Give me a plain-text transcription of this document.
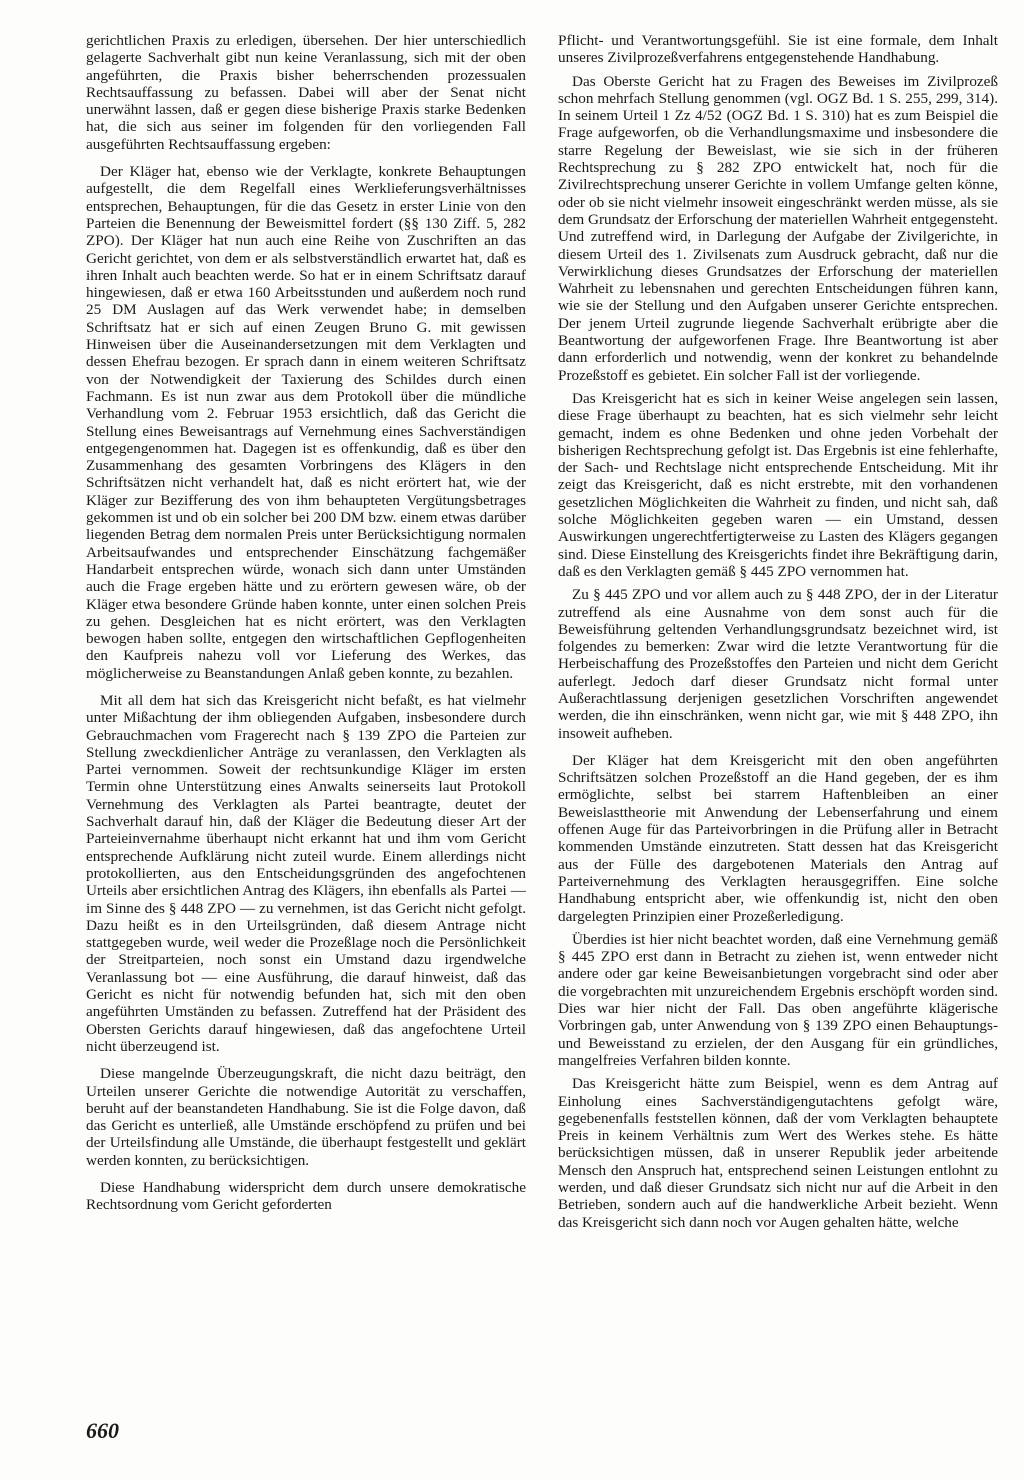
gerichtlichen Praxis zu erledigen, übersehen. Der hier unterschiedlich gelagerte Sachverhalt gibt nun keine Veranlassung, sich mit der oben angeführten, die Praxis bisher beherrschenden prozessualen Rechtsauffassung zu befassen. Dabei will aber der Senat nicht unerwähnt lassen, daß er gegen diese bisherige Praxis starke Bedenken hat, die sich aus seiner im folgenden für den vorliegenden Fall ausgeführten Rechtsauffassung ergeben:

Der Kläger hat, ebenso wie der Verklagte, konkrete Behauptungen aufgestellt, die dem Regelfall eines Werklieferungsverhältnisses entsprechen, Behauptungen, für die das Gesetz in erster Linie von den Parteien die Benennung der Beweismittel fordert (§§ 130 Ziff. 5, 282 ZPO). Der Kläger hat nun auch eine Reihe von Zuschriften an das Gericht gerichtet, von dem er als selbstverständlich erwartet hat, daß es ihren Inhalt auch beachten werde. So hat er in einem Schriftsatz darauf hingewiesen, daß er etwa 160 Arbeitsstunden und außerdem noch rund 25 DM Auslagen auf das Werk verwendet habe; in demselben Schriftsatz hat er sich auf einen Zeugen Bruno G. mit gewissen Hinweisen über die Auseinandersetzungen mit dem Verklagten und dessen Ehefrau bezogen. Er sprach dann in einem weiteren Schriftsatz von der Notwendigkeit der Taxierung des Schildes durch einen Fachmann. Es ist nun zwar aus dem Protokoll über die mündliche Verhandlung vom 2. Februar 1953 ersichtlich, daß das Gericht die Stellung eines Beweisantrags auf Vernehmung eines Sachverständigen entgegengenommen hat. Dagegen ist es offenkundig, daß es über den Zusammenhang des gesamten Vorbringens des Klägers in den Schriftsätzen nicht verhandelt hat, daß es nicht erörtert hat, wie der Kläger zur Bezifferung des von ihm behaupteten Vergütungsbetrages gekommen ist und ob ein solcher bei 200 DM bzw. einem etwas darüber liegenden Betrag dem normalen Preis unter Berücksichtigung normalen Arbeitsaufwandes und entsprechender Einschätzung fachgemäßer Handarbeit entsprechen würde, wonach sich dann unter Umständen auch die Frage ergeben hätte und zu erörtern gewesen wäre, ob der Kläger etwa besondere Gründe haben konnte, unter einen solchen Preis zu gehen. Desgleichen hat es nicht erörtert, was den Verklagten bewogen haben sollte, entgegen den wirtschaftlichen Gepflogenheiten den Kaufpreis nahezu voll vor Lieferung des Werkes, das möglicherweise zu Beanstandungen Anlaß geben konnte, zu bezahlen.

Mit all dem hat sich das Kreisgericht nicht befaßt, es hat vielmehr unter Mißachtung der ihm obliegenden Aufgaben, insbesondere durch Gebrauchmachen vom Fragerecht nach § 139 ZPO die Parteien zur Stellung zweckdienlicher Anträge zu veranlassen, den Verklagten als Partei vernommen. Soweit der rechtsunkundige Kläger im ersten Termin ohne Unterstützung eines Anwalts seinerseits laut Protokoll Vernehmung des Verklagten als Partei beantragte, deutet der Sachverhalt darauf hin, daß der Kläger die Bedeutung dieser Art der Parteieinvernahme überhaupt nicht erkannt hat und ihm vom Gericht entsprechende Aufklärung nicht zuteil wurde. Einem allerdings nicht protokollierten, aus den Entscheidungsgründen des angefochtenen Urteils aber ersichtlichen Antrag des Klägers, ihn ebenfalls als Partei — im Sinne des § 448 ZPO — zu vernehmen, ist das Gericht nicht gefolgt. Dazu heißt es in den Urteilsgründen, daß diesem Antrage nicht stattgegeben wurde, weil weder die Prozeßlage noch die Persönlichkeit der Streitparteien, noch sonst ein Umstand dazu irgendwelche Veranlassung bot — eine Ausführung, die darauf hinweist, daß das Gericht es nicht für notwendig befunden hat, sich mit den oben angeführten Umständen zu befassen. Zutreffend hat der Präsident des Obersten Gerichts darauf hingewiesen, daß das angefochtene Urteil nicht überzeugend ist.

Diese mangelnde Überzeugungskraft, die nicht dazu beiträgt, den Urteilen unserer Gerichte die notwendige Autorität zu verschaffen, beruht auf der beanstandeten Handhabung. Sie ist die Folge davon, daß das Gericht es unterließ, alle Umstände erschöpfend zu prüfen und bei der Urteilsfindung alle Umstände, die überhaupt festgestellt und geklärt werden konnten, zu berücksichtigen.

Diese Handhabung widerspricht dem durch unsere demokratische Rechtsordnung vom Gericht geforderten

Pflicht- und Verantwortungsgefühl. Sie ist eine formale, dem Inhalt unseres Zivilprozeßverfahrens entgegenstehende Handhabung.

Das Oberste Gericht hat zu Fragen des Beweises im Zivilprozeß schon mehrfach Stellung genommen (vgl. OGZ Bd. 1 S. 255, 299, 314). In seinem Urteil 1 Zz 4/52 (OGZ Bd. 1 S. 310) hat es zum Beispiel die Frage aufgeworfen, ob die Verhandlungsmaxime und insbesondere die starre Regelung der Beweislast, wie sie sich in der früheren Rechtsprechung zu § 282 ZPO entwickelt hat, noch für die Zivilrechtsprechung unserer Gerichte in vollem Umfange gelten könne, oder ob sie nicht vielmehr insoweit eingeschränkt werden müsse, als sie dem Grundsatz der Erforschung der materiellen Wahrheit entgegensteht. Und zutreffend wird, in Darlegung der Aufgabe der Zivilgerichte, in diesem Urteil des 1. Zivilsenats zum Ausdruck gebracht, daß nur die Verwirklichung dieses Grundsatzes der Erforschung der materiellen Wahrheit zu lebensnahen und gerechten Entscheidungen führen kann, wie sie der Stellung und den Aufgaben unserer Gerichte entsprechen. Der jenem Urteil zugrunde liegende Sachverhalt erübrigte aber die Beantwortung der aufgeworfenen Frage. Ihre Beantwortung ist aber dann erforderlich und notwendig, wenn der konkret zu behandelnde Prozeßstoff es gebietet. Ein solcher Fall ist der vorliegende.

Das Kreisgericht hat es sich in keiner Weise angelegen sein lassen, diese Frage überhaupt zu beachten, hat es sich vielmehr sehr leicht gemacht, indem es ohne Bedenken und ohne jeden Vorbehalt der bisherigen Rechtsprechung gefolgt ist. Das Ergebnis ist eine fehlerhafte, der Sach- und Rechtslage nicht entsprechende Entscheidung. Mit ihr zeigt das Kreisgericht, daß es nicht erstrebte, mit den vorhandenen gesetzlichen Möglichkeiten die Wahrheit zu finden, und nicht sah, daß solche Möglichkeiten gegeben waren — ein Umstand, dessen Auswirkungen ungerechtfertigterweise zu Lasten des Klägers gegangen sind. Diese Einstellung des Kreisgerichts findet ihre Bekräftigung darin, daß es den Verklagten gemäß § 445 ZPO vernommen hat.

Zu § 445 ZPO und vor allem auch zu § 448 ZPO, der in der Literatur zutreffend als eine Ausnahme von dem sonst auch für die Beweisführung geltenden Verhandlungsgrundsatz bezeichnet wird, ist folgendes zu bemerken: Zwar wird die letzte Verantwortung für die Herbeischaffung des Prozeßstoffes den Parteien und nicht dem Gericht auferlegt. Jedoch darf dieser Grundsatz nicht formal unter Außerachtlassung derjenigen gesetzlichen Vorschriften angewendet werden, die ihn einschränken, wenn nicht gar, wie mit § 448 ZPO, ihn insoweit aufheben.

Der Kläger hat dem Kreisgericht mit den oben angeführten Schriftsätzen solchen Prozeßstoff an die Hand gegeben, der es ihm ermöglichte, selbst bei starrem Haftenbleiben an einer Beweislasttheorie mit Anwendung der Lebenserfahrung und einem offenen Auge für das Parteivorbringen in die Prüfung aller in Betracht kommenden Umstände einzutreten. Statt dessen hat das Kreisgericht aus der Fülle des dargebotenen Materials den Antrag auf Parteivernehmung des Verklagten herausgegriffen. Eine solche Handhabung entspricht aber, wie offenkundig ist, nicht den oben dargelegten Prinzipien einer Prozeßerledigung.

Überdies ist hier nicht beachtet worden, daß eine Vernehmung gemäß § 445 ZPO erst dann in Betracht zu ziehen ist, wenn entweder nicht andere oder gar keine Beweisanbietungen vorgebracht sind oder aber die vorgebrachten mit unzureichendem Ergebnis erschöpft worden sind. Dies war hier nicht der Fall. Das oben angeführte klägerische Vorbringen gab, unter Anwendung von § 139 ZPO einen Behauptungs- und Beweisstand zu erzielen, der den Ausgang für ein gründliches, mangelfreies Verfahren bilden konnte.

Das Kreisgericht hätte zum Beispiel, wenn es dem Antrag auf Einholung eines Sachverständigengutachtens gefolgt wäre, gegebenenfalls feststellen können, daß der vom Verklagten behauptete Preis in keinem Verhältnis zum Wert des Werkes stehe. Es hätte berücksichtigen müssen, daß in unserer Republik jeder arbeitende Mensch den Anspruch hat, entsprechend seinen Leistungen entlohnt zu werden, und daß dieser Grundsatz sich nicht nur auf die Arbeit in den Betrieben, sondern auch auf die handwerkliche Arbeit bezieht. Wenn das Kreisgericht sich dann noch vor Augen gehalten hätte, welche

660
